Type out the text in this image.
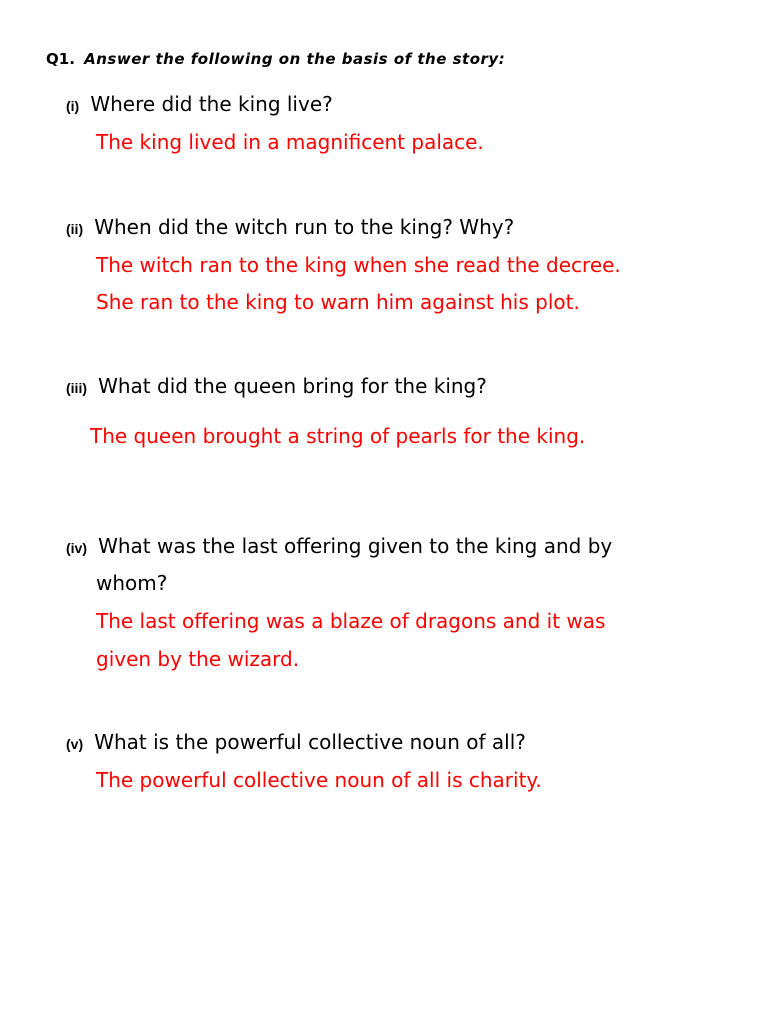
Q1. Answer the following on the basis of the story:
(i) Where did the king live?
The king lived in a magnificent palace.
(ii) When did the witch run to the king? Why?
The witch ran to the king when she read the decree.
She ran to the king to warn him against his plot.
(iii) What did the queen bring for the king?
The queen brought a string of pearls for the king.
(iv) What was the last offering given to the king and by
whom?
The last offering was a blaze of dragons and it was
given by the wizard.
(v) What is the powerful collective noun of all?
The powerful collective noun of all is charity.
